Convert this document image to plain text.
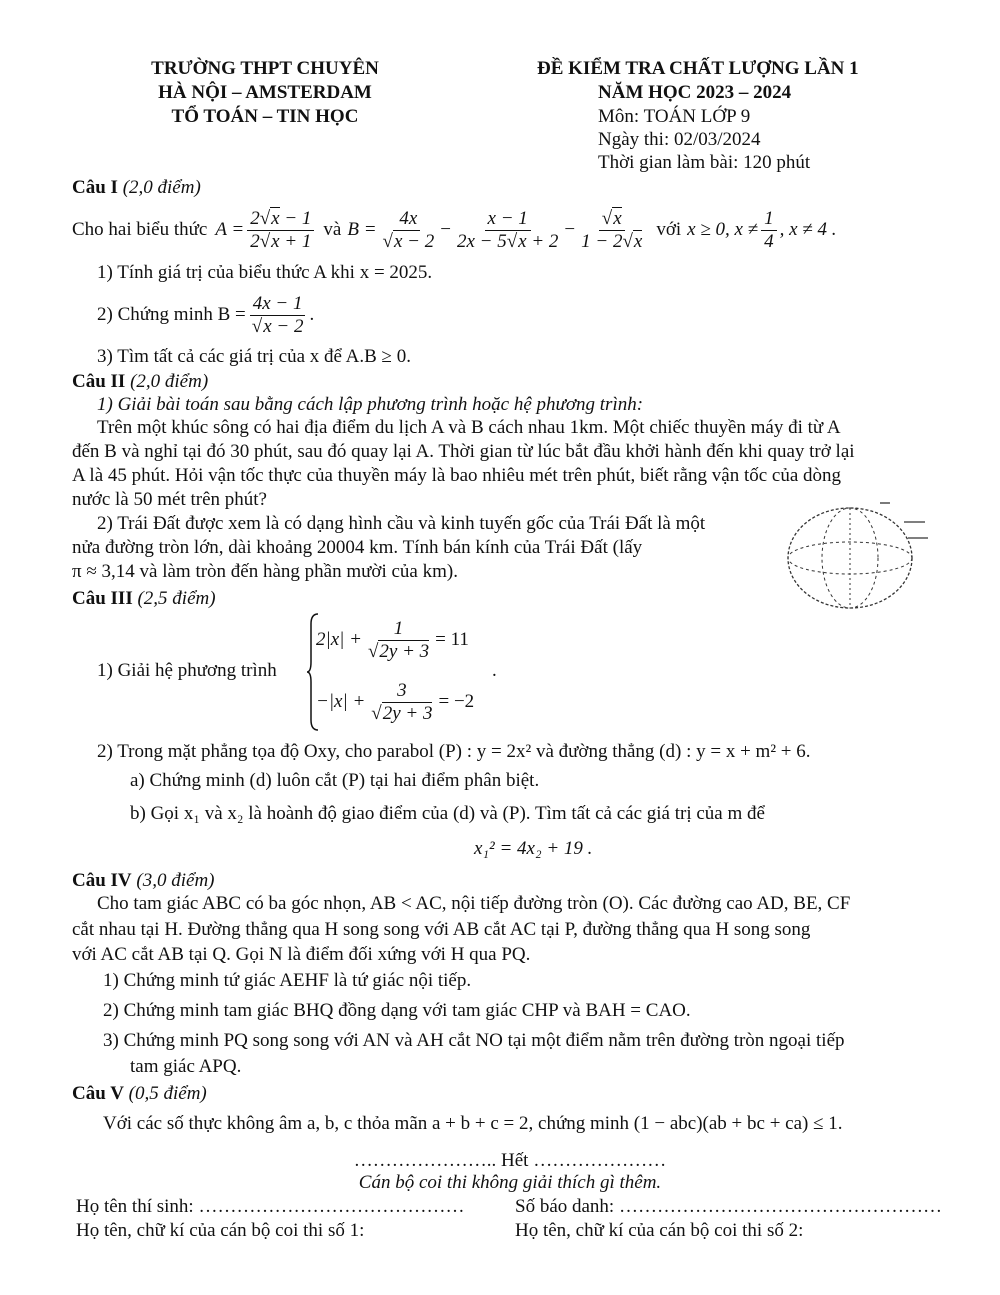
TRƯỜNG THPT CHUYÊN
HÀ NỘI – AMSTERDAM
TỔ TOÁN – TIN HỌC
ĐỀ KIỂM TRA CHẤT LƯỢNG LẦN 1
NĂM HỌC 2023 – 2024
Môn: TOÁN LỚP 9
Ngày thi: 02/03/2024
Thời gian làm bài: 120 phút
Câu I (2,0 điểm)
Cho hai biểu thức $A = \frac{2√x - 1}{2√x + 1}$ và $B = \frac{4x}{√x - 2} - \frac{x - 1}{2x - 5√x + 2} - \frac{√x}{1 - 2√x}$ với x ≥ 0, $x \ne \frac{1}{4}$ , x ≠ 4 .
1) Tính giá trị của biểu thức A khi x = 2025.
2) Chứng minh $B = \frac{4x - 1}{√x - 2}$ .
3) Tìm tất cả các giá trị của x để A.B ≥ 0.
Câu II (2,0 điểm)
1) Giải bài toán sau bằng cách lập phương trình hoặc hệ phương trình:
Trên một khúc sông có hai địa điểm du lịch A và B cách nhau 1km. Một chiếc thuyền máy đi từ A
đến B và nghỉ tại đó 30 phút, sau đó quay lại A. Thời gian từ lúc bắt đầu khởi hành đến khi quay trở lại
A là 45 phút. Hỏi vận tốc thực của thuyền máy là bao nhiêu mét trên phút, biết rằng vận tốc của dòng
nước là 50 mét trên phút?
2) Trái Đất được xem là có dạng hình cầu và kinh tuyến gốc của Trái Đất là một
nửa đường tròn lớn, dài khoảng 20004 km. Tính bán kính của Trái Đất (lấy
π ≈ 3,14 và làm tròn đến hàng phần mười của km).
Câu III (2,5 điểm)
1) Giải hệ phương trình
$2|x| + \frac{1}{√2y + 3} = 11$
$-|x| + \frac{3}{√2y + 3} = -2$
.
2) Trong mặt phẳng tọa độ Oxy, cho parabol (P) : y = 2x² và đường thẳng (d) : y = x + m² + 6.
a) Chứng minh (d) luôn cắt (P) tại hai điểm phân biệt.
b) Gọi x₁ và x₂ là hoành độ giao điểm của (d) và (P). Tìm tất cả các giá trị của m để
x₁² = 4x₂ + 19 .
Câu IV (3,0 điểm)
Cho tam giác ABC có ba góc nhọn, AB < AC, nội tiếp đường tròn (O). Các đường cao AD, BE, CF
cắt nhau tại H. Đường thẳng qua H song song với AB cắt AC tại P, đường thẳng qua H song song
với AC cắt AB tại Q. Gọi N là điểm đối xứng với H qua PQ.
1) Chứng minh tứ giác AEHF là tứ giác nội tiếp.
2) Chứng minh tam giác BHQ đồng dạng với tam giác CHP và BAH = CAO.
3) Chứng minh PQ song song với AN và AH cắt NO tại một điểm nằm trên đường tròn ngoại tiếp
tam giác APQ.
Câu V (0,5 điểm)
Với các số thực không âm a, b, c thỏa mãn a + b + c = 2, chứng minh (1 − abc)(ab + bc + ca) ≤ 1.
………………….. Hết …………………
Cán bộ coi thi không giải thích gì thêm.
Họ tên thí sinh: ……………………………………	Số báo danh: ……………………………………………
Họ tên, chữ kí của cán bộ coi thi số 1:	Họ tên, chữ kí của cán bộ coi thi số 2:
